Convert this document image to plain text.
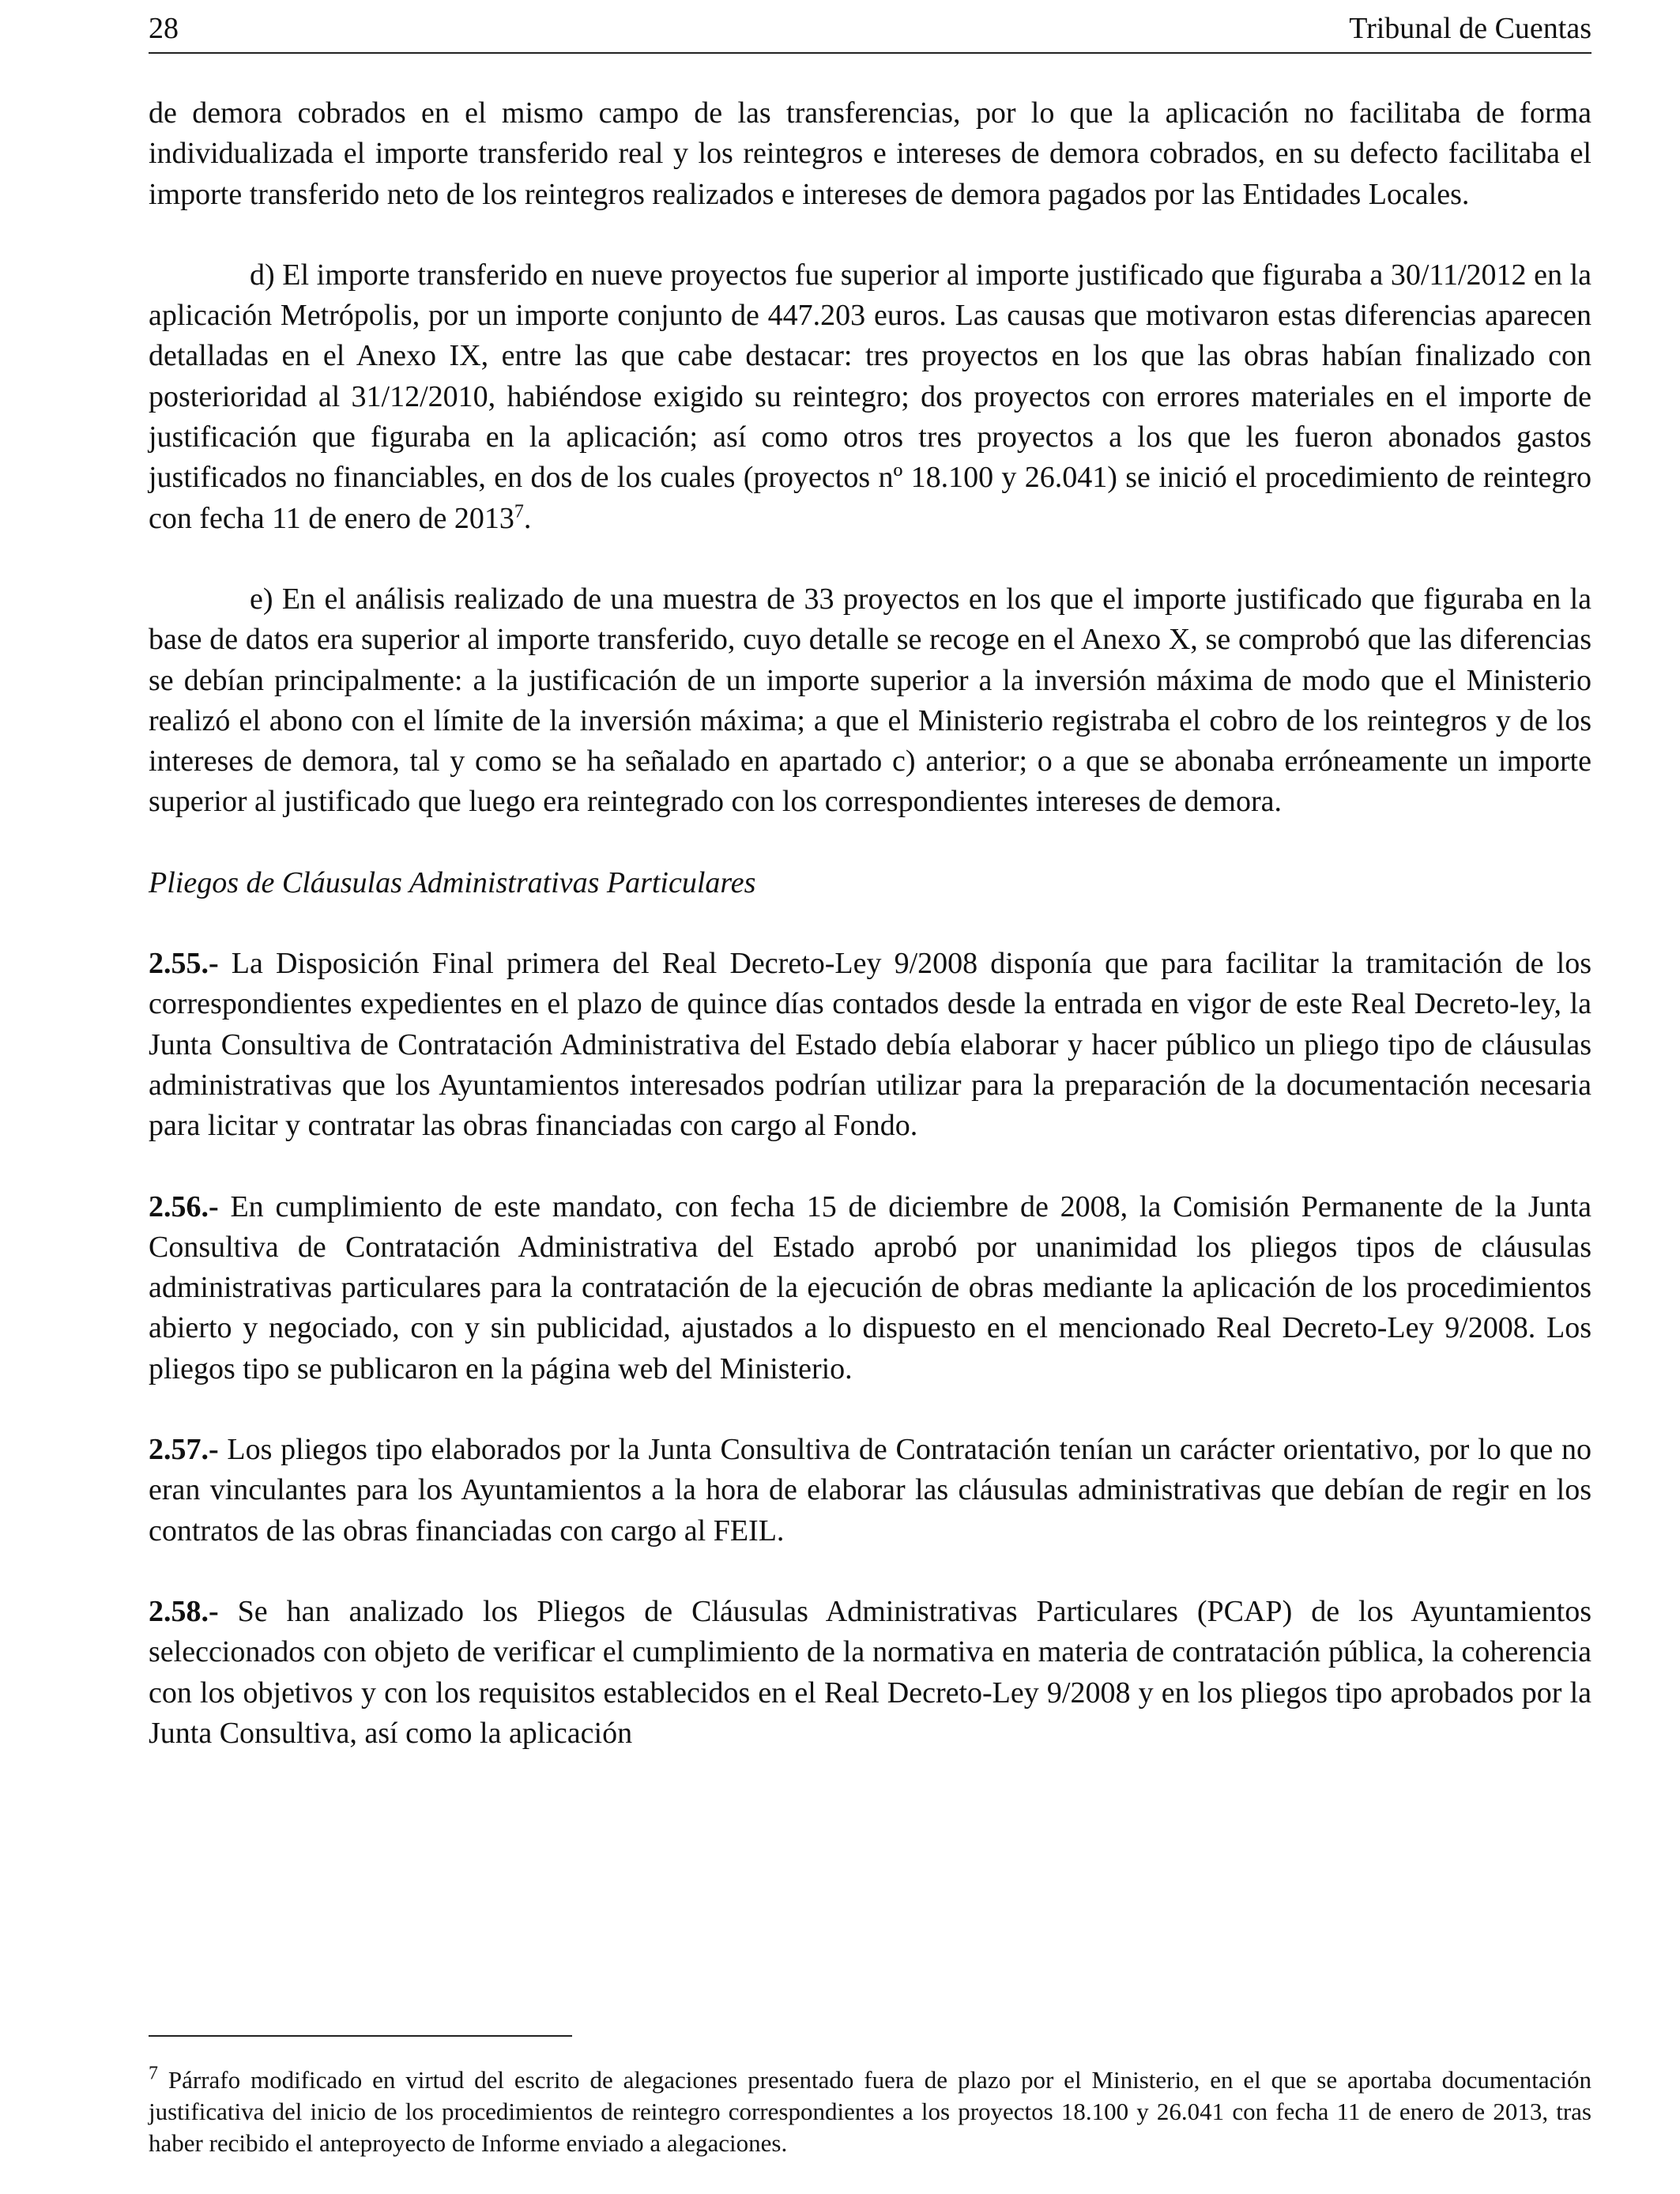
28	Tribunal de Cuentas

de demora cobrados en el mismo campo de las transferencias, por lo que la aplicación no facilitaba de forma individualizada el importe transferido real y los reintegros e intereses de demora cobrados, en su defecto facilitaba el importe transferido neto de los reintegros realizados e intereses de demora pagados por las Entidades Locales.

d) El importe transferido en nueve proyectos fue superior al importe justificado que figuraba a 30/11/2012 en la aplicación Metrópolis, por un importe conjunto de 447.203 euros. Las causas que motivaron estas diferencias aparecen detalladas en el Anexo IX, entre las que cabe destacar: tres proyectos en los que las obras habían finalizado con posterioridad al 31/12/2010, habiéndose exigido su reintegro; dos proyectos con errores materiales en el importe de justificación que figuraba en la aplicación; así como otros tres proyectos a los que les fueron abonados gastos justificados no financiables, en dos de los cuales (proyectos nº 18.100 y 26.041) se inició el procedimiento de reintegro con fecha 11 de enero de 2013$^7$.

e) En el análisis realizado de una muestra de 33 proyectos en los que el importe justificado que figuraba en la base de datos era superior al importe transferido, cuyo detalle se recoge en el Anexo X, se comprobó que las diferencias se debían principalmente: a la justificación de un importe superior a la inversión máxima de modo que el Ministerio realizó el abono con el límite de la inversión máxima; a que el Ministerio registraba el cobro de los reintegros y de los intereses de demora, tal y como se ha señalado en apartado c) anterior; o a que se abonaba erróneamente un importe superior al justificado que luego era reintegrado con los correspondientes intereses de demora.

Pliegos de Cláusulas Administrativas Particulares

2.55.- La Disposición Final primera del Real Decreto-Ley 9/2008 disponía que para facilitar la tramitación de los correspondientes expedientes en el plazo de quince días contados desde la entrada en vigor de este Real Decreto-ley, la Junta Consultiva de Contratación Administrativa del Estado debía elaborar y hacer público un pliego tipo de cláusulas administrativas que los Ayuntamientos interesados podrían utilizar para la preparación de la documentación necesaria para licitar y contratar las obras financiadas con cargo al Fondo.

2.56.- En cumplimiento de este mandato, con fecha 15 de diciembre de 2008, la Comisión Permanente de la Junta Consultiva de Contratación Administrativa del Estado aprobó por unanimidad los pliegos tipos de cláusulas administrativas particulares para la contratación de la ejecución de obras mediante la aplicación de los procedimientos abierto y negociado, con y sin publicidad, ajustados a lo dispuesto en el mencionado Real Decreto-Ley 9/2008. Los pliegos tipo se publicaron en la página web del Ministerio.

2.57.- Los pliegos tipo elaborados por la Junta Consultiva de Contratación tenían un carácter orientativo, por lo que no eran vinculantes para los Ayuntamientos a la hora de elaborar las cláusulas administrativas que debían de regir en los contratos de las obras financiadas con cargo al FEIL.

2.58.- Se han analizado los Pliegos de Cláusulas Administrativas Particulares (PCAP) de los Ayuntamientos seleccionados con objeto de verificar el cumplimiento de la normativa en materia de contratación pública, la coherencia con los objetivos y con los requisitos establecidos en el Real Decreto-Ley 9/2008 y en los pliegos tipo aprobados por la Junta Consultiva, así como la aplicación

$^7$ Párrafo modificado en virtud del escrito de alegaciones presentado fuera de plazo por el Ministerio, en el que se aportaba documentación justificativa del inicio de los procedimientos de reintegro correspondientes a los proyectos 18.100 y 26.041 con fecha 11 de enero de 2013, tras haber recibido el anteproyecto de Informe enviado a alegaciones.
